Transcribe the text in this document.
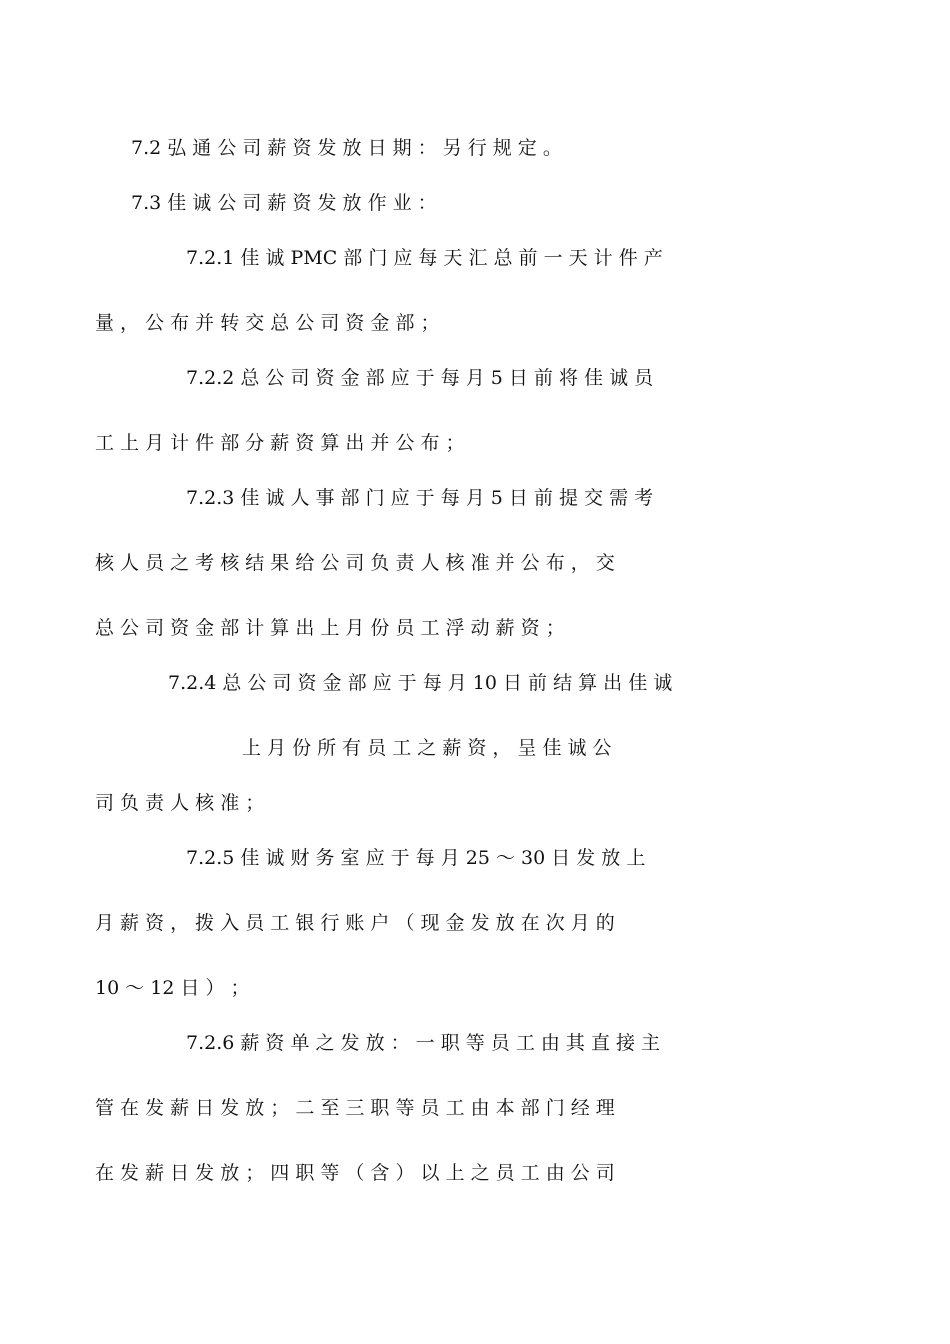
7.2 弘 通 公 司 薪 资 发 放 日 期 ： 另 行 规 定 。
7.3 佳 诚 公 司 薪 资 发 放 作 业 ：
7.2.1 佳 诚 PMC 部 门 应 每 天 汇 总 前 一 天 计 件 产
量 ， 公 布 并 转 交 总 公 司 资 金 部 ；
7.2.2 总 公 司 资 金 部 应 于 每 月 5 日 前 将 佳 诚 员
工 上 月 计 件 部 分 薪 资 算 出 并 公 布 ；
7.2.3 佳 诚 人 事 部 门 应 于 每 月 5 日 前 提 交 需 考
核 人 员 之 考 核 结 果 给 公 司 负 责 人 核 准 并 公 布 ， 交
总 公 司 资 金 部 计 算 出 上 月 份 员 工 浮 动 薪 资 ；
7.2.4 总 公 司 资 金 部 应 于 每 月 10 日 前 结 算 出 佳 诚
上 月 份 所 有 员 工 之 薪 资 ， 呈 佳 诚 公
司 负 责 人 核 准 ；
7.2.5 佳 诚 财 务 室 应 于 每 月 25 ～ 30 日 发 放 上
月 薪 资 ， 拨 入 员 工 银 行 账 户 （ 现 金 发 放 在 次 月 的
10 ～ 12 日 ） ；
7.2.6 薪 资 单 之 发 放 ： 一 职 等 员 工 由 其 直 接 主
管 在 发 薪 日 发 放 ； 二 至 三 职 等 员 工 由 本 部 门 经 理
在 发 薪 日 发 放 ； 四 职 等 （ 含 ） 以 上 之 员 工 由 公 司
